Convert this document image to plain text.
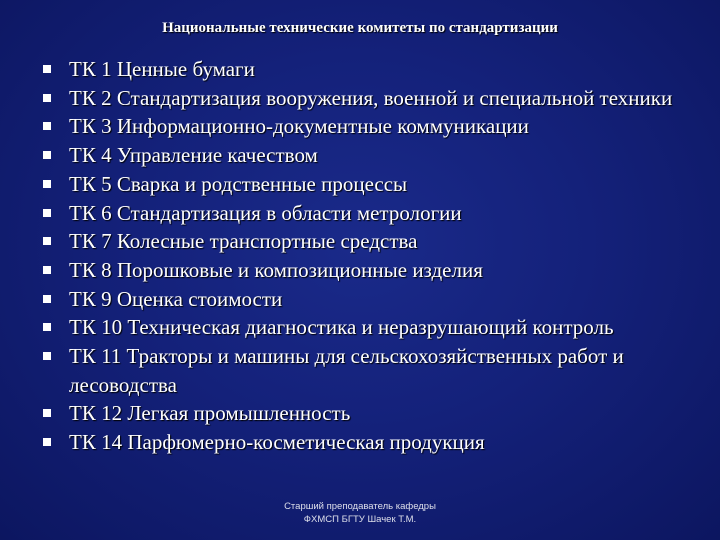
Национальные технические комитеты по стандартизации
ТК 1 Ценные бумаги
ТК 2 Стандартизация вооружения, военной и специальной техники
ТК 3 Информационно-документные коммуникации
ТК 4 Управление качеством
ТК 5 Сварка и родственные процессы
ТК 6 Стандартизация в области метрологии
ТК 7 Колесные транспортные средства
ТК 8 Порошковые и композиционные изделия
ТК 9 Оценка стоимости
ТК 10 Техническая диагностика и неразрушающий контроль
ТК 11 Тракторы и машины для сельскохозяйственных работ и лесоводства
ТК 12 Легкая промышленность
ТК 14 Парфюмерно-косметическая продукция
Старший преподаватель кафедры
ФХМСП БГТУ Шачек Т.М.
